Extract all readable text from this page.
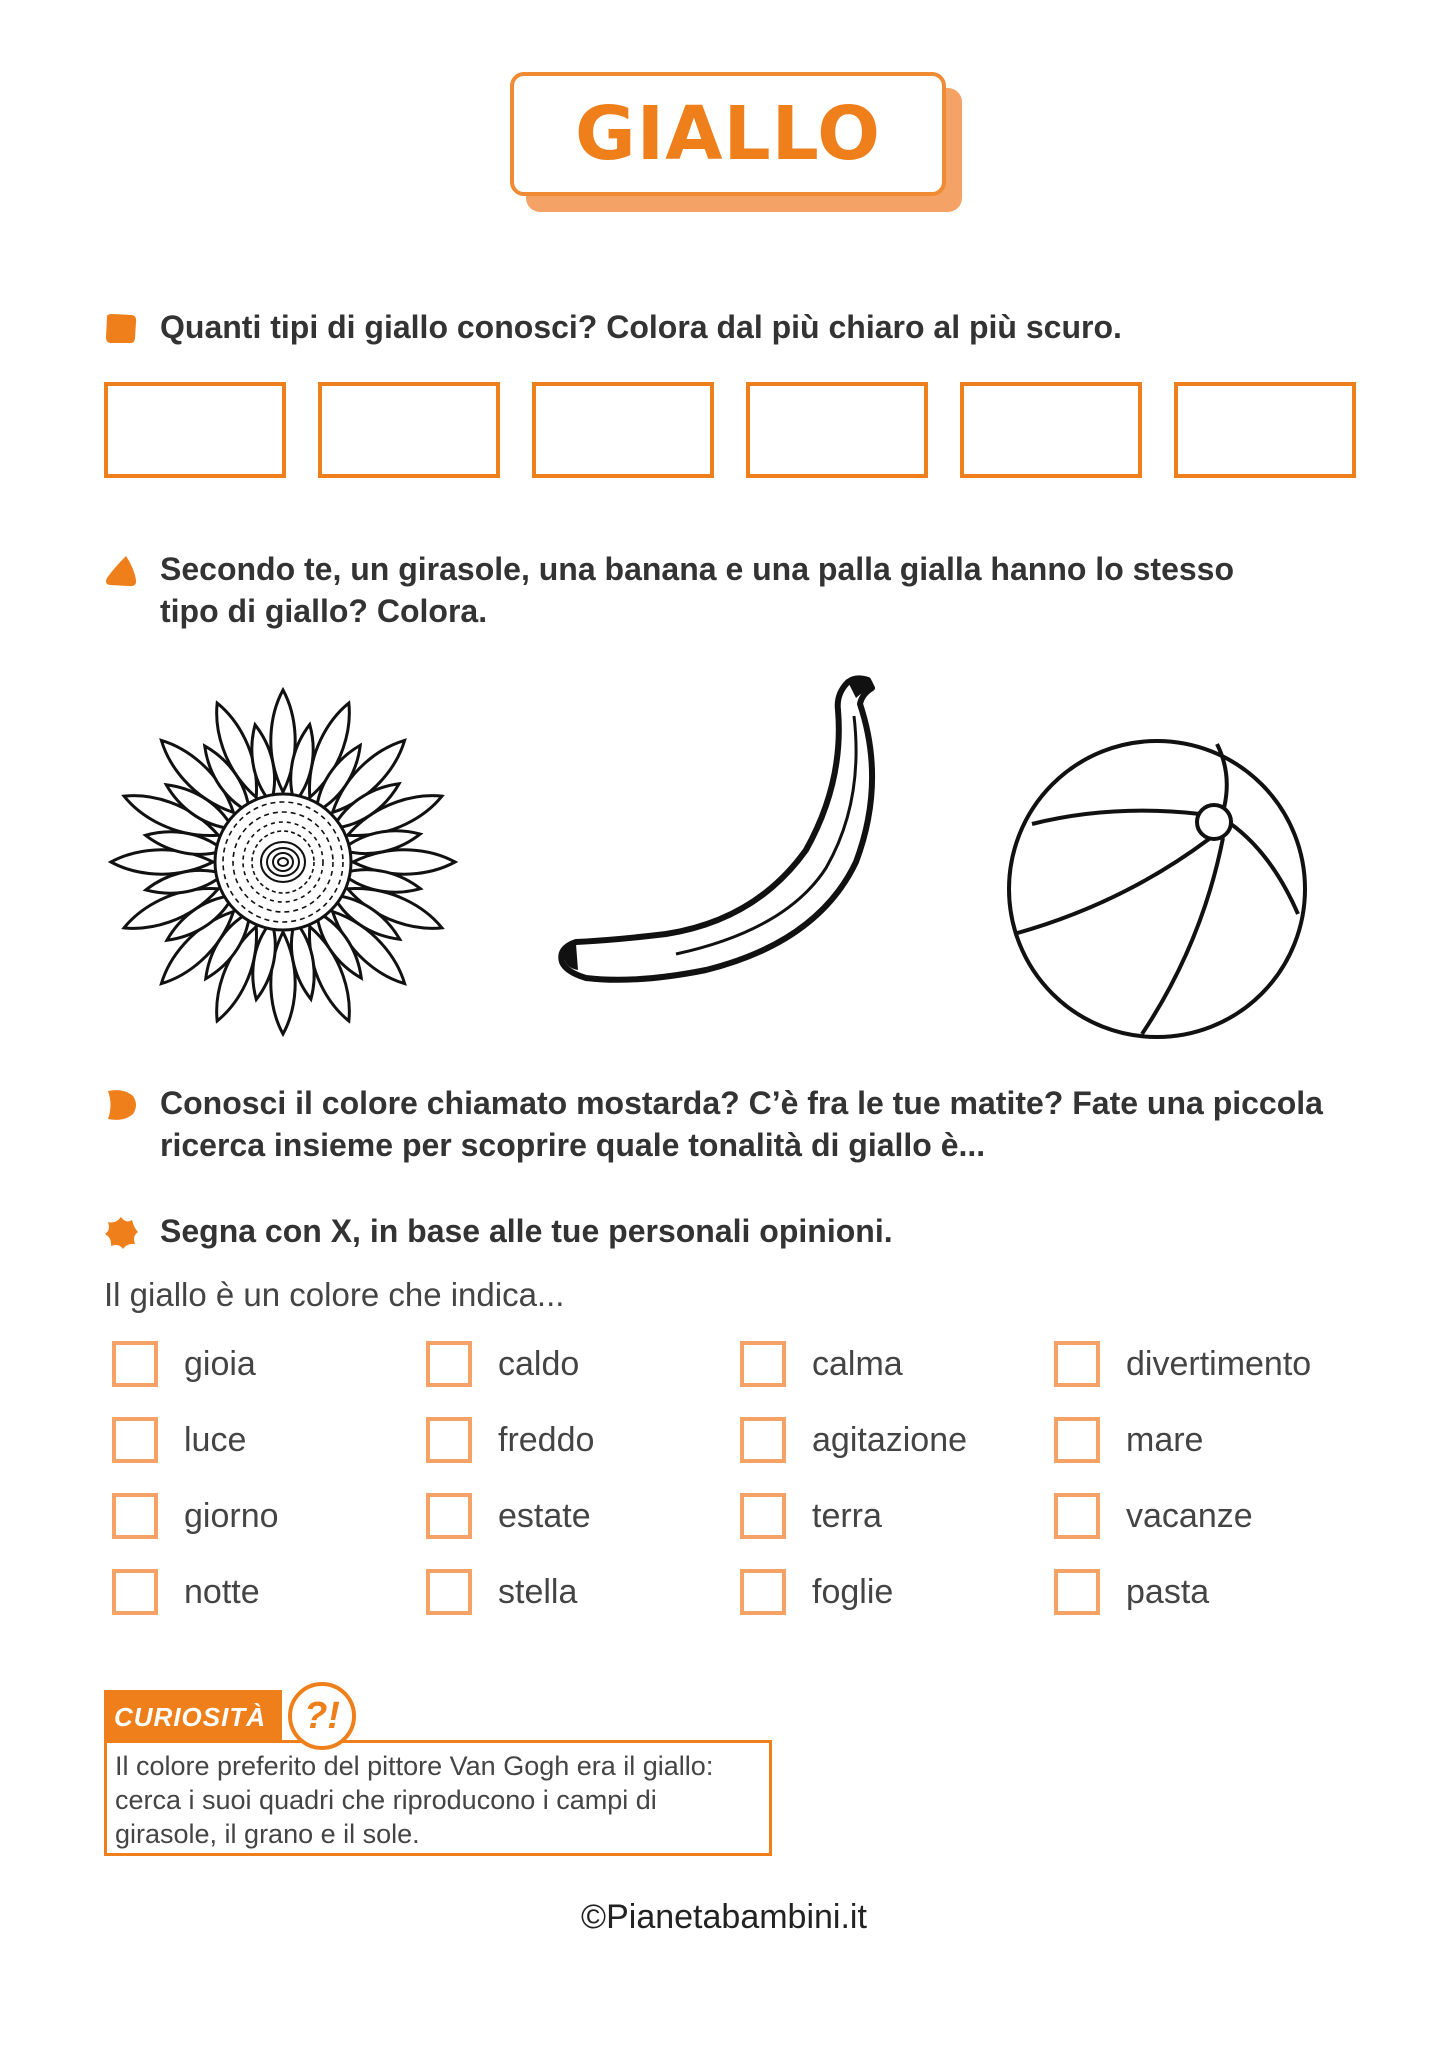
GIALLO
Quanti tipi di giallo conosci? Colora dal più chiaro al più scuro.
Secondo te, un girasole, una banana e una palla gialla hanno lo stesso tipo di giallo? Colora.
Conosci il colore chiamato mostarda? C’è fra le tue matite? Fate una piccola ricerca insieme per scoprire quale tonalità di giallo è...
Segna con X, in base alle tue personali opinioni.
Il giallo è un colore che indica...
gioia	caldo	calma	divertimento
luce	freddo	agitazione	mare
giorno	estate	terra	vacanze
notte	stella	foglie	pasta
Il colore preferito del pittore Van Gogh era il giallo: cerca i suoi quadri che riproducono i campi di girasole, il grano e il sole.
CURIOSITÀ ?!
©Pianetabambini.it
